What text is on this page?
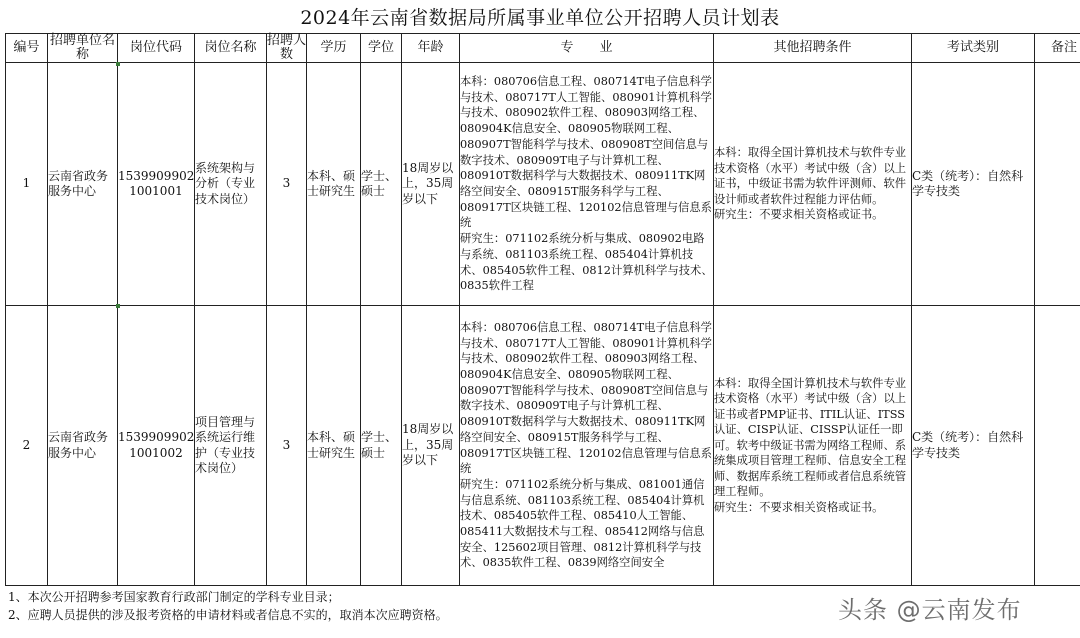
2024年云南省数据局所属事业单位公开招聘人员计划表
编号	招聘单位名称	岗位代码	岗位名称	招聘人数	学历	学位	年龄	专　　业	其他招聘条件	考试类别	备注
1	云南省政务服务中心	1539909902 1001001	系统架构与分析（专业技术岗位）	3	本科、硕士研究生	学士、硕士	18周岁以上，35周岁以下	本科：080706信息工程、080714T电子信息科学与技术、080717T人工智能、080901计算机科学与技术、080902软件工程、080903网络工程、080904K信息安全、080905物联网工程、080907T智能科学与技术、080908T空间信息与数字技术、080909T电子与计算机工程、080910T数据科学与大数据技术、080911TK网络空间安全、080915T服务科学与工程、080917T区块链工程、120102信息管理与信息系统
研究生：071102系统分析与集成、080902电路与系统、081103系统工程、085404计算机技术、085405软件工程、0812计算机科学与技术、0835软件工程	本科：取得全国计算机技术与软件专业技术资格（水平）考试中级（含）以上证书，中级证书需为软件评测师、软件设计师或者软件过程能力评估师。
研究生：不要求相关资格或证书。	C类（统考）：自然科学专技类	
2	云南省政务服务中心	1539909902 1001002	项目管理与系统运行维护（专业技术岗位）	3	本科、硕士研究生	学士、硕士	18周岁以上，35周岁以下	本科：080706信息工程、080714T电子信息科学与技术、080717T人工智能、080901计算机科学与技术、080902软件工程、080903网络工程、080904K信息安全、080905物联网工程、080907T智能科学与技术、080908T空间信息与数字技术、080909T电子与计算机工程、080910T数据科学与大数据技术、080911TK网络空间安全、080915T服务科学与工程、080917T区块链工程、120102信息管理与信息系统
研究生：071102系统分析与集成、081001通信与信息系统、081103系统工程、085404计算机技术、085405软件工程、085410人工智能、085411大数据技术与工程、085412网络与信息安全、125602项目管理、0812计算机科学与技术、0835软件工程、0839网络空间安全	本科：取得全国计算机技术与软件专业技术资格（水平）考试中级（含）以上证书或者PMP证书、ITIL认证、ITSS认证、CISP认证、CISSP认证任一即可。软考中级证书需为网络工程师、系统集成项目管理工程师、信息安全工程师、数据库系统工程师或者信息系统管理工程师。
研究生：不要求相关资格或证书。	C类（统考）：自然科学专技类	
1、本次公开招聘参考国家教育行政部门制定的学科专业目录；
2、应聘人员提供的涉及报考资格的申请材料或者信息不实的，取消本次应聘资格。	头条 @云南发布
